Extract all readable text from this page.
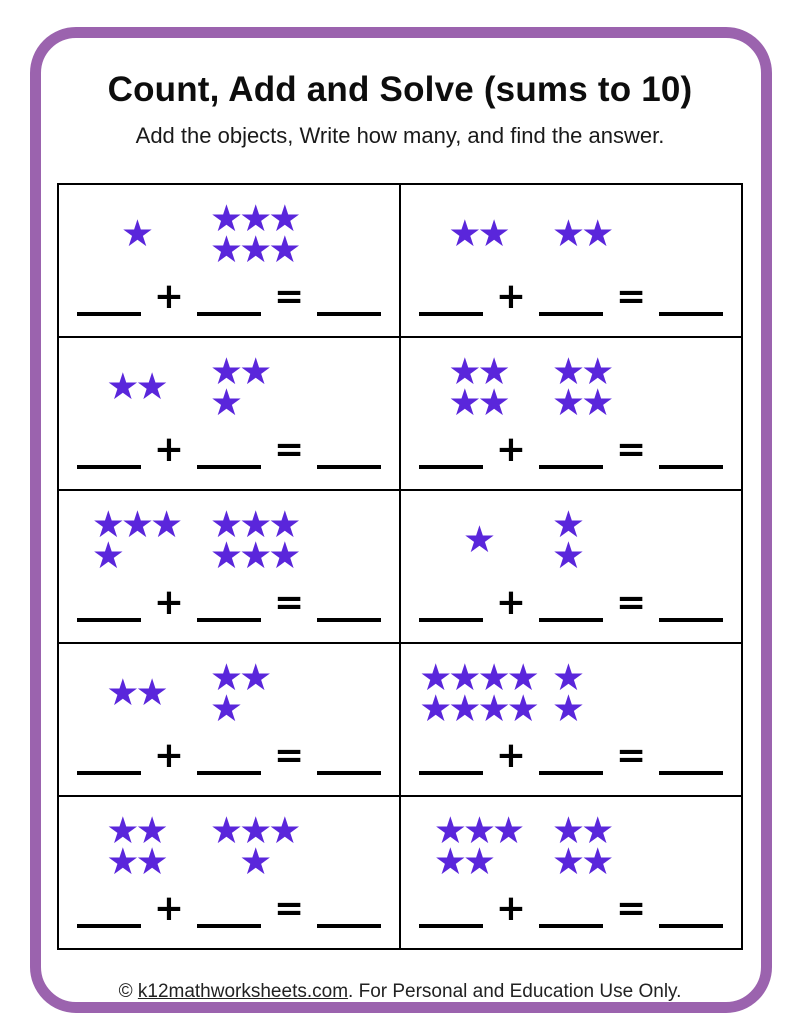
Count, Add and Solve (sums to 10)

Add the objects, Write how many, and find the answer.

★ ★
★
★
★
★
★
+ =
★
★ ★
★
+ =
★
★ ★
★
★
+ =
★
★
★
★
★
★
★
★
+ =
★
★
★
★
★
★
★
★
★
★
+ =
★ ★
★
+ =
★
★ ★
★
★
+ =
★
★
★
★
★
★
★
★
★
★
+ =
★
★
★
★
★
★
★
★
+ =
★
★
★
★
★
★
★
★
★
+ =
© k12mathworksheets.com. For Personal and Education Use Only.
